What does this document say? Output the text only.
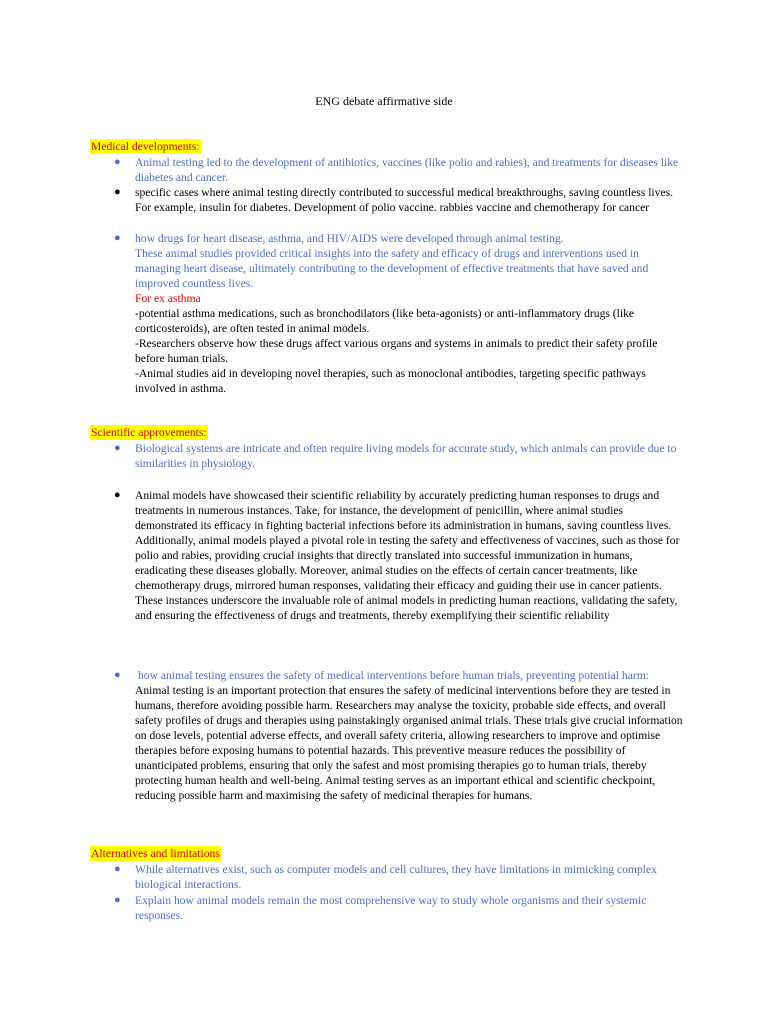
ENG debate affirmative side
Medical developments:
● Animal testing led to the development of antibiotics, vaccines (like polio and rabies), and treatments for diseases like diabetes and cancer.
● specific cases where animal testing directly contributed to successful medical breakthroughs, saving countless lives. For example, insulin for diabetes. Development of polio vaccine. rabbies vaccine and chemotherapy for cancer
● how drugs for heart disease, asthma, and HIV/AIDS were developed through animal testing.

These animal studies provided critical insights into the safety and efficacy of drugs and interventions used in managing heart disease, ultimately contributing to the development of effective treatments that have saved and improved countless lives.

For ex asthma

-potential asthma medications, such as bronchodilators (like beta-agonists) or anti-inflammatory drugs (like corticosteroids), are often tested in animal models.

-Researchers observe how these drugs affect various organs and systems in animals to predict their safety profile before human trials.

-Animal studies aid in developing novel therapies, such as monoclonal antibodies, targeting specific pathways involved in asthma.

Scientific approvements:
● Biological systems are intricate and often require living models for accurate study, which animals can provide due to similarities in physiology.
● Animal models have showcased their scientific reliability by accurately predicting human responses to drugs and treatments in numerous instances. Take, for instance, the development of penicillin, where animal studies demonstrated its efficacy in fighting bacterial infections before its administration in humans, saving countless lives. Additionally, animal models played a pivotal role in testing the safety and effectiveness of vaccines, such as those for polio and rabies, providing crucial insights that directly translated into successful immunization in humans, eradicating these diseases globally. Moreover, animal studies on the effects of certain cancer treatments, like chemotherapy drugs, mirrored human responses, validating their efficacy and guiding their use in cancer patients. These instances underscore the invaluable role of animal models in predicting human reactions, validating the safety, and ensuring the effectiveness of drugs and treatments, thereby exemplifying their scientific reliability
● how animal testing ensures the safety of medical interventions before human trials, preventing potential harm:

Animal testing is an important protection that ensures the safety of medicinal interventions before they are tested in humans, therefore avoiding possible harm. Researchers may analyse the toxicity, probable side effects, and overall safety profiles of drugs and therapies using painstakingly organised animal trials. These trials give crucial information on dose levels, potential adverse effects, and overall safety criteria, allowing researchers to improve and optimise therapies before exposing humans to potential hazards. This preventive measure reduces the possibility of unanticipated problems, ensuring that only the safest and most promising therapies go to human trials, thereby protecting human health and well-being. Animal testing serves as an important ethical and scientific checkpoint, reducing possible harm and maximising the safety of medicinal therapies for humans.

Alternatives and limitations
● While alternatives exist, such as computer models and cell cultures, they have limitations in mimicking complex biological interactions.
● Explain how animal models remain the most comprehensive way to study whole organisms and their systemic responses.
